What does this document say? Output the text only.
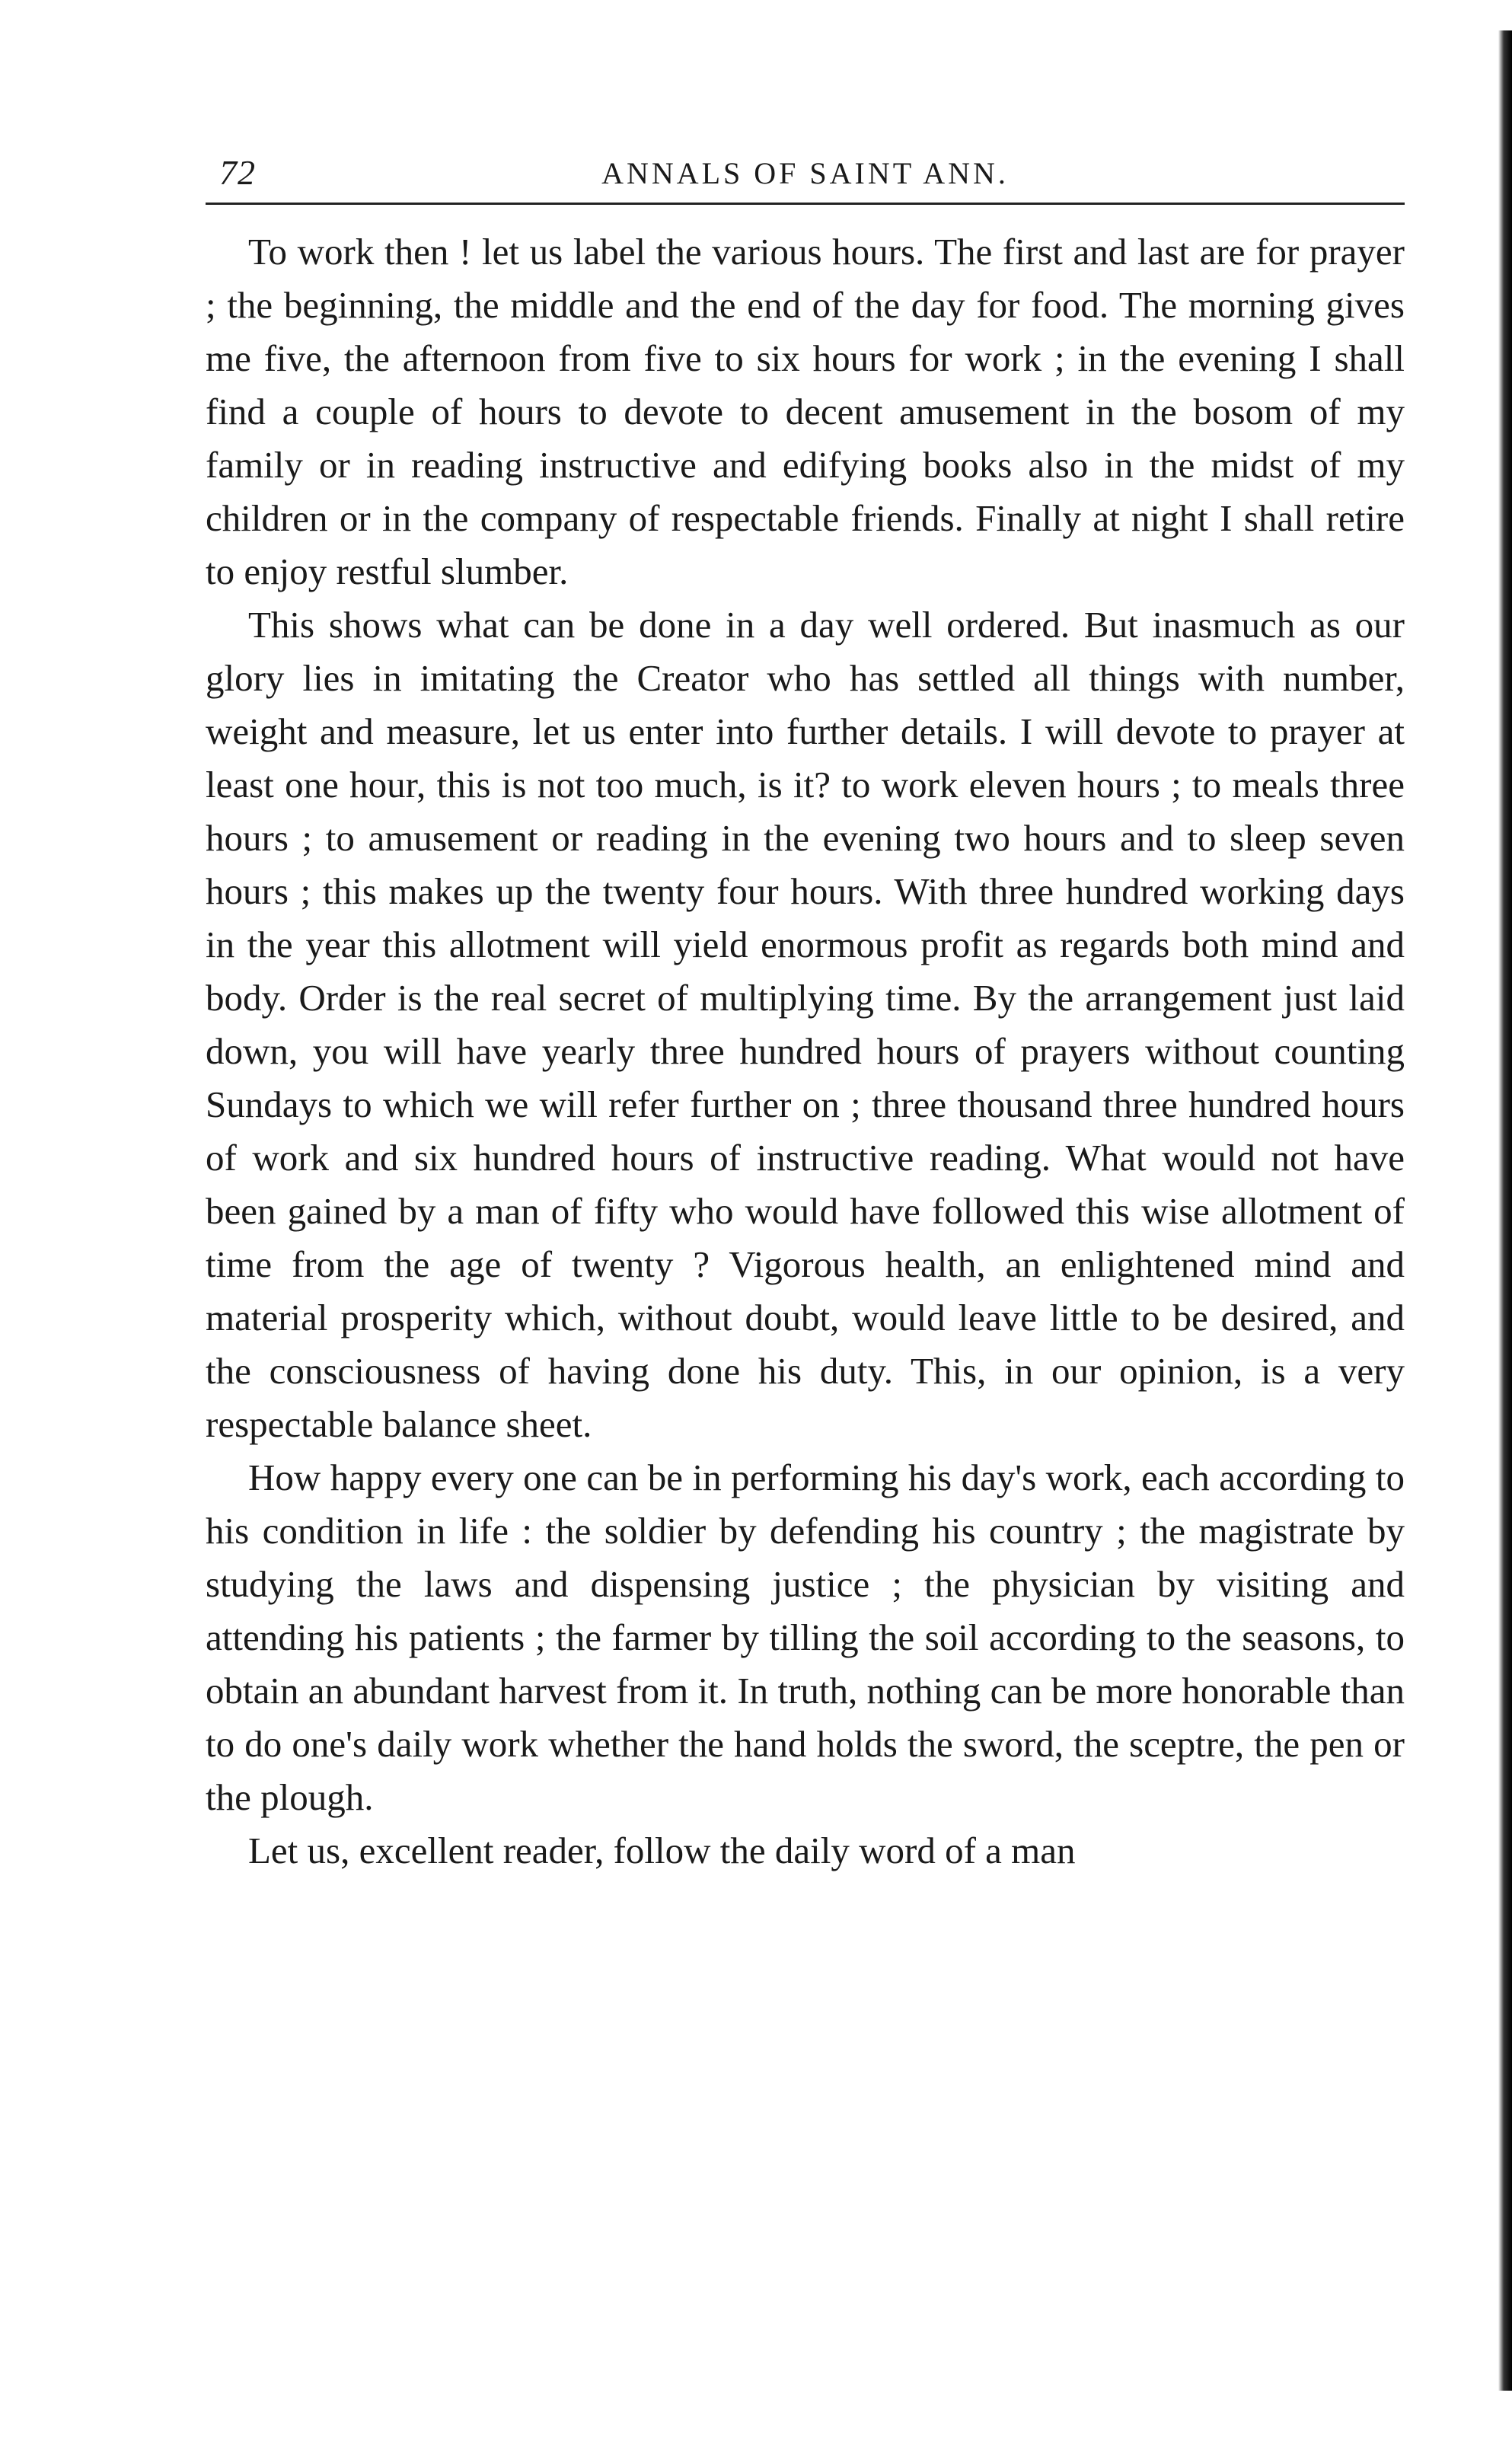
72	ANNALS OF SAINT ANN.

To work then ! let us label the various hours. The first and last are for prayer ; the beginning, the middle and the end of the day for food. The morning gives me five, the afternoon from five to six hours for work ; in the evening I shall find a couple of hours to devote to decent amusement in the bosom of my family or in reading instructive and edifying books also in the midst of my children or in the company of respectable friends. Finally at night I shall retire to enjoy restful slumber.

This shows what can be done in a day well ordered. But inasmuch as our glory lies in imitating the Creator who has settled all things with number, weight and measure, let us enter into further details. I will devote to prayer at least one hour, this is not too much, is it? to work eleven hours ; to meals three hours ; to amusement or reading in the evening two hours and to sleep seven hours ; this makes up the twenty four hours. With three hundred working days in the year this allotment will yield enormous profit as regards both mind and body. Order is the real secret of multiplying time. By the arrangement just laid down, you will have yearly three hundred hours of prayers without counting Sundays to which we will refer further on ; three thousand three hundred hours of work and six hundred hours of instructive reading. What would not have been gained by a man of fifty who would have followed this wise allotment of time from the age of twenty ? Vigorous health, an enlightened mind and material prosperity which, without doubt, would leave little to be desired, and the consciousness of having done his duty. This, in our opinion, is a very respectable balance sheet.

How happy every one can be in performing his day's work, each according to his condition in life : the soldier by defending his country ; the magistrate by studying the laws and dispensing justice ; the physician by visiting and attending his patients ; the farmer by tilling the soil according to the seasons, to obtain an abundant harvest from it. In truth, nothing can be more honorable than to do one's daily work whether the hand holds the sword, the sceptre, the pen or the plough.

Let us, excellent reader, follow the daily word of a man
